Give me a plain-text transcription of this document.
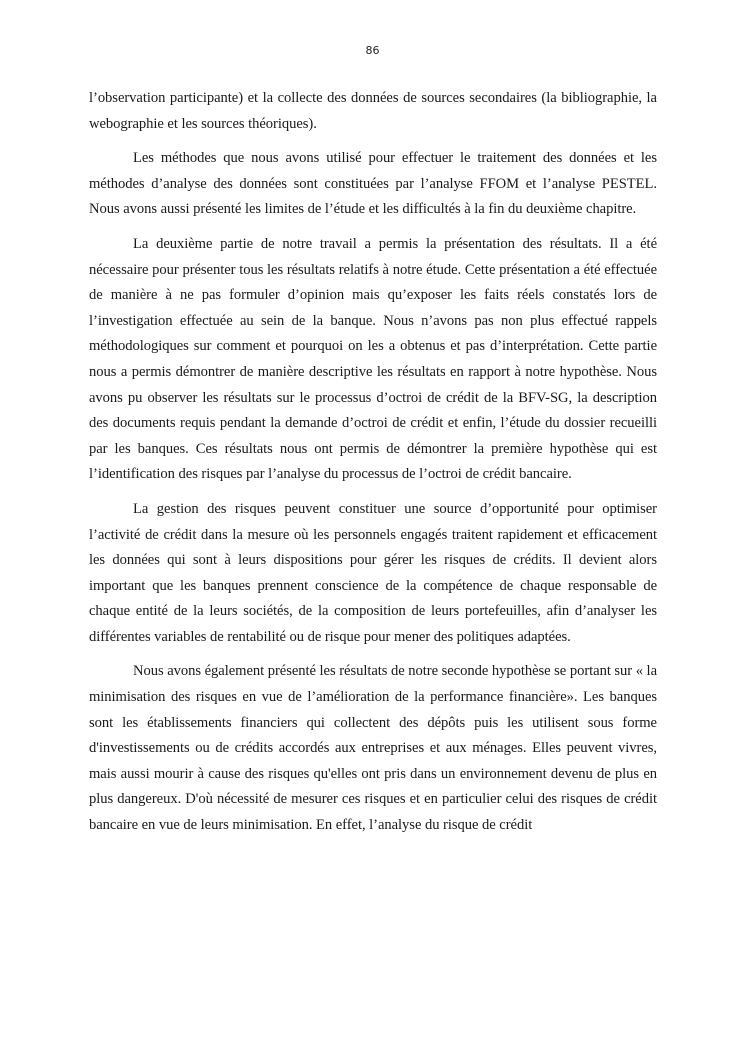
86

l’observation participante) et la collecte des données de sources secondaires (la bibliographie, la webographie et les sources théoriques).

Les méthodes que nous avons utilisé pour effectuer le traitement des données et les méthodes d’analyse des données sont constituées par l’analyse FFOM et l’analyse PESTEL. Nous avons aussi présenté les limites de l’étude et les difficultés à la fin du deuxième chapitre.

La deuxième partie de notre travail a permis la présentation des résultats. Il a été nécessaire pour présenter tous les résultats relatifs à notre étude. Cette présentation a été effectuée de manière à ne pas formuler d’opinion mais qu’exposer les faits réels constatés lors de l’investigation effectuée au sein de la banque. Nous n’avons pas non plus effectué rappels méthodologiques sur comment et pourquoi on les a obtenus et pas d’interprétation. Cette partie nous a permis démontrer de manière descriptive les résultats en rapport à notre hypothèse. Nous avons pu observer les résultats sur le processus d’octroi de crédit de la BFV-SG, la description des documents requis pendant la demande d’octroi de crédit et enfin, l’étude du dossier recueilli par les banques. Ces résultats nous ont permis de démontrer la première hypothèse qui est l’identification des risques par l’analyse du processus de l’octroi de crédit bancaire.

La gestion des risques peuvent constituer une source d’opportunité pour optimiser l’activité de crédit dans la mesure où les personnels engagés traitent rapidement et efficacement les données qui sont à leurs dispositions pour gérer les risques de crédits. Il devient alors important que les banques prennent conscience de la compétence de chaque responsable de chaque entité de la leurs sociétés, de la composition de leurs portefeuilles, afin d’analyser les différentes variables de rentabilité ou de risque pour mener des politiques adaptées.

Nous avons également présenté les résultats de notre seconde hypothèse se portant sur « la minimisation des risques en vue de l’amélioration de la performance financière». Les banques sont les établissements financiers qui collectent des dépôts puis les utilisent sous forme d'investissements ou de crédits accordés aux entreprises et aux ménages. Elles peuvent vivres, mais aussi mourir à cause des risques qu'elles ont pris dans un environnement devenu de plus en plus dangereux. D'où nécessité de mesurer ces risques et en particulier celui des risques de crédit bancaire en vue de leurs minimisation. En effet, l’analyse du risque de crédit
